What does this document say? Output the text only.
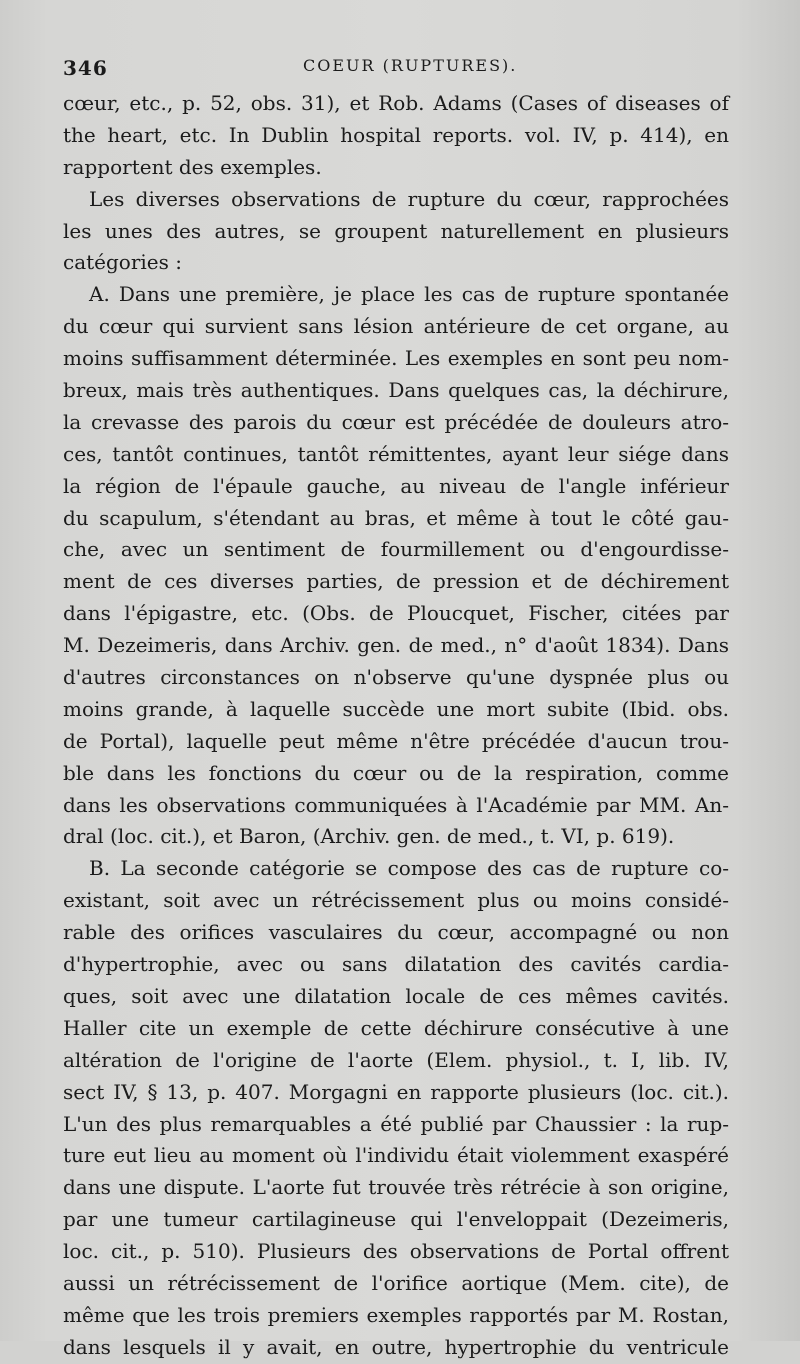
346	COEUR (RUPTURES).
cœur, etc., p. 52, obs. 31), et Rob. Adams (Cases of diseases of
the heart, etc. In Dublin hospital reports. vol. IV, p. 414), en
rapportent des exemples.
Les diverses observations de rupture du cœur, rapprochées
les unes des autres, se groupent naturellement en plusieurs
catégories :
A. Dans une première, je place les cas de rupture spontanée
du cœur qui survient sans lésion antérieure de cet organe, au
moins suffisamment déterminée. Les exemples en sont peu nom-
breux, mais très authentiques. Dans quelques cas, la déchirure,
la crevasse des parois du cœur est précédée de douleurs atro-
ces, tantôt continues, tantôt rémittentes, ayant leur siége dans
la région de l'épaule gauche, au niveau de l'angle inférieur
du scapulum, s'étendant au bras, et même à tout le côté gau-
che, avec un sentiment de fourmillement ou d'engourdisse-
ment de ces diverses parties, de pression et de déchirement
dans l'épigastre, etc. (Obs. de Ploucquet, Fischer, citées par
M. Dezeimeris, dans Archiv. gen. de med., n° d'août 1834). Dans
d'autres circonstances on n'observe qu'une dyspnée plus ou
moins grande, à laquelle succède une mort subite (Ibid. obs.
de Portal), laquelle peut même n'être précédée d'aucun trou-
ble dans les fonctions du cœur ou de la respiration, comme
dans les observations communiquées à l'Académie par MM. An-
dral (loc. cit.), et Baron, (Archiv. gen. de med., t. VI, p. 619).
B. La seconde catégorie se compose des cas de rupture co-
existant, soit avec un rétrécissement plus ou moins considé-
rable des orifices vasculaires du cœur, accompagné ou non
d'hypertrophie, avec ou sans dilatation des cavités cardia-
ques, soit avec une dilatation locale de ces mêmes cavités.
Haller cite un exemple de cette déchirure consécutive à une
altération de l'origine de l'aorte (Elem. physiol., t. I, lib. IV,
sect IV, § 13, p. 407. Morgagni en rapporte plusieurs (loc. cit.).
L'un des plus remarquables a été publié par Chaussier : la rup-
ture eut lieu au moment où l'individu était violemment exaspéré
dans une dispute. L'aorte fut trouvée très rétrécie à son origine,
par une tumeur cartilagineuse qui l'enveloppait (Dezeimeris,
loc. cit., p. 510). Plusieurs des observations de Portal offrent
aussi un rétrécissement de l'orifice aortique (Mem. cite), de
même que les trois premiers exemples rapportés par M. Rostan,
dans lesquels il y avait, en outre, hypertrophie du ventricule
